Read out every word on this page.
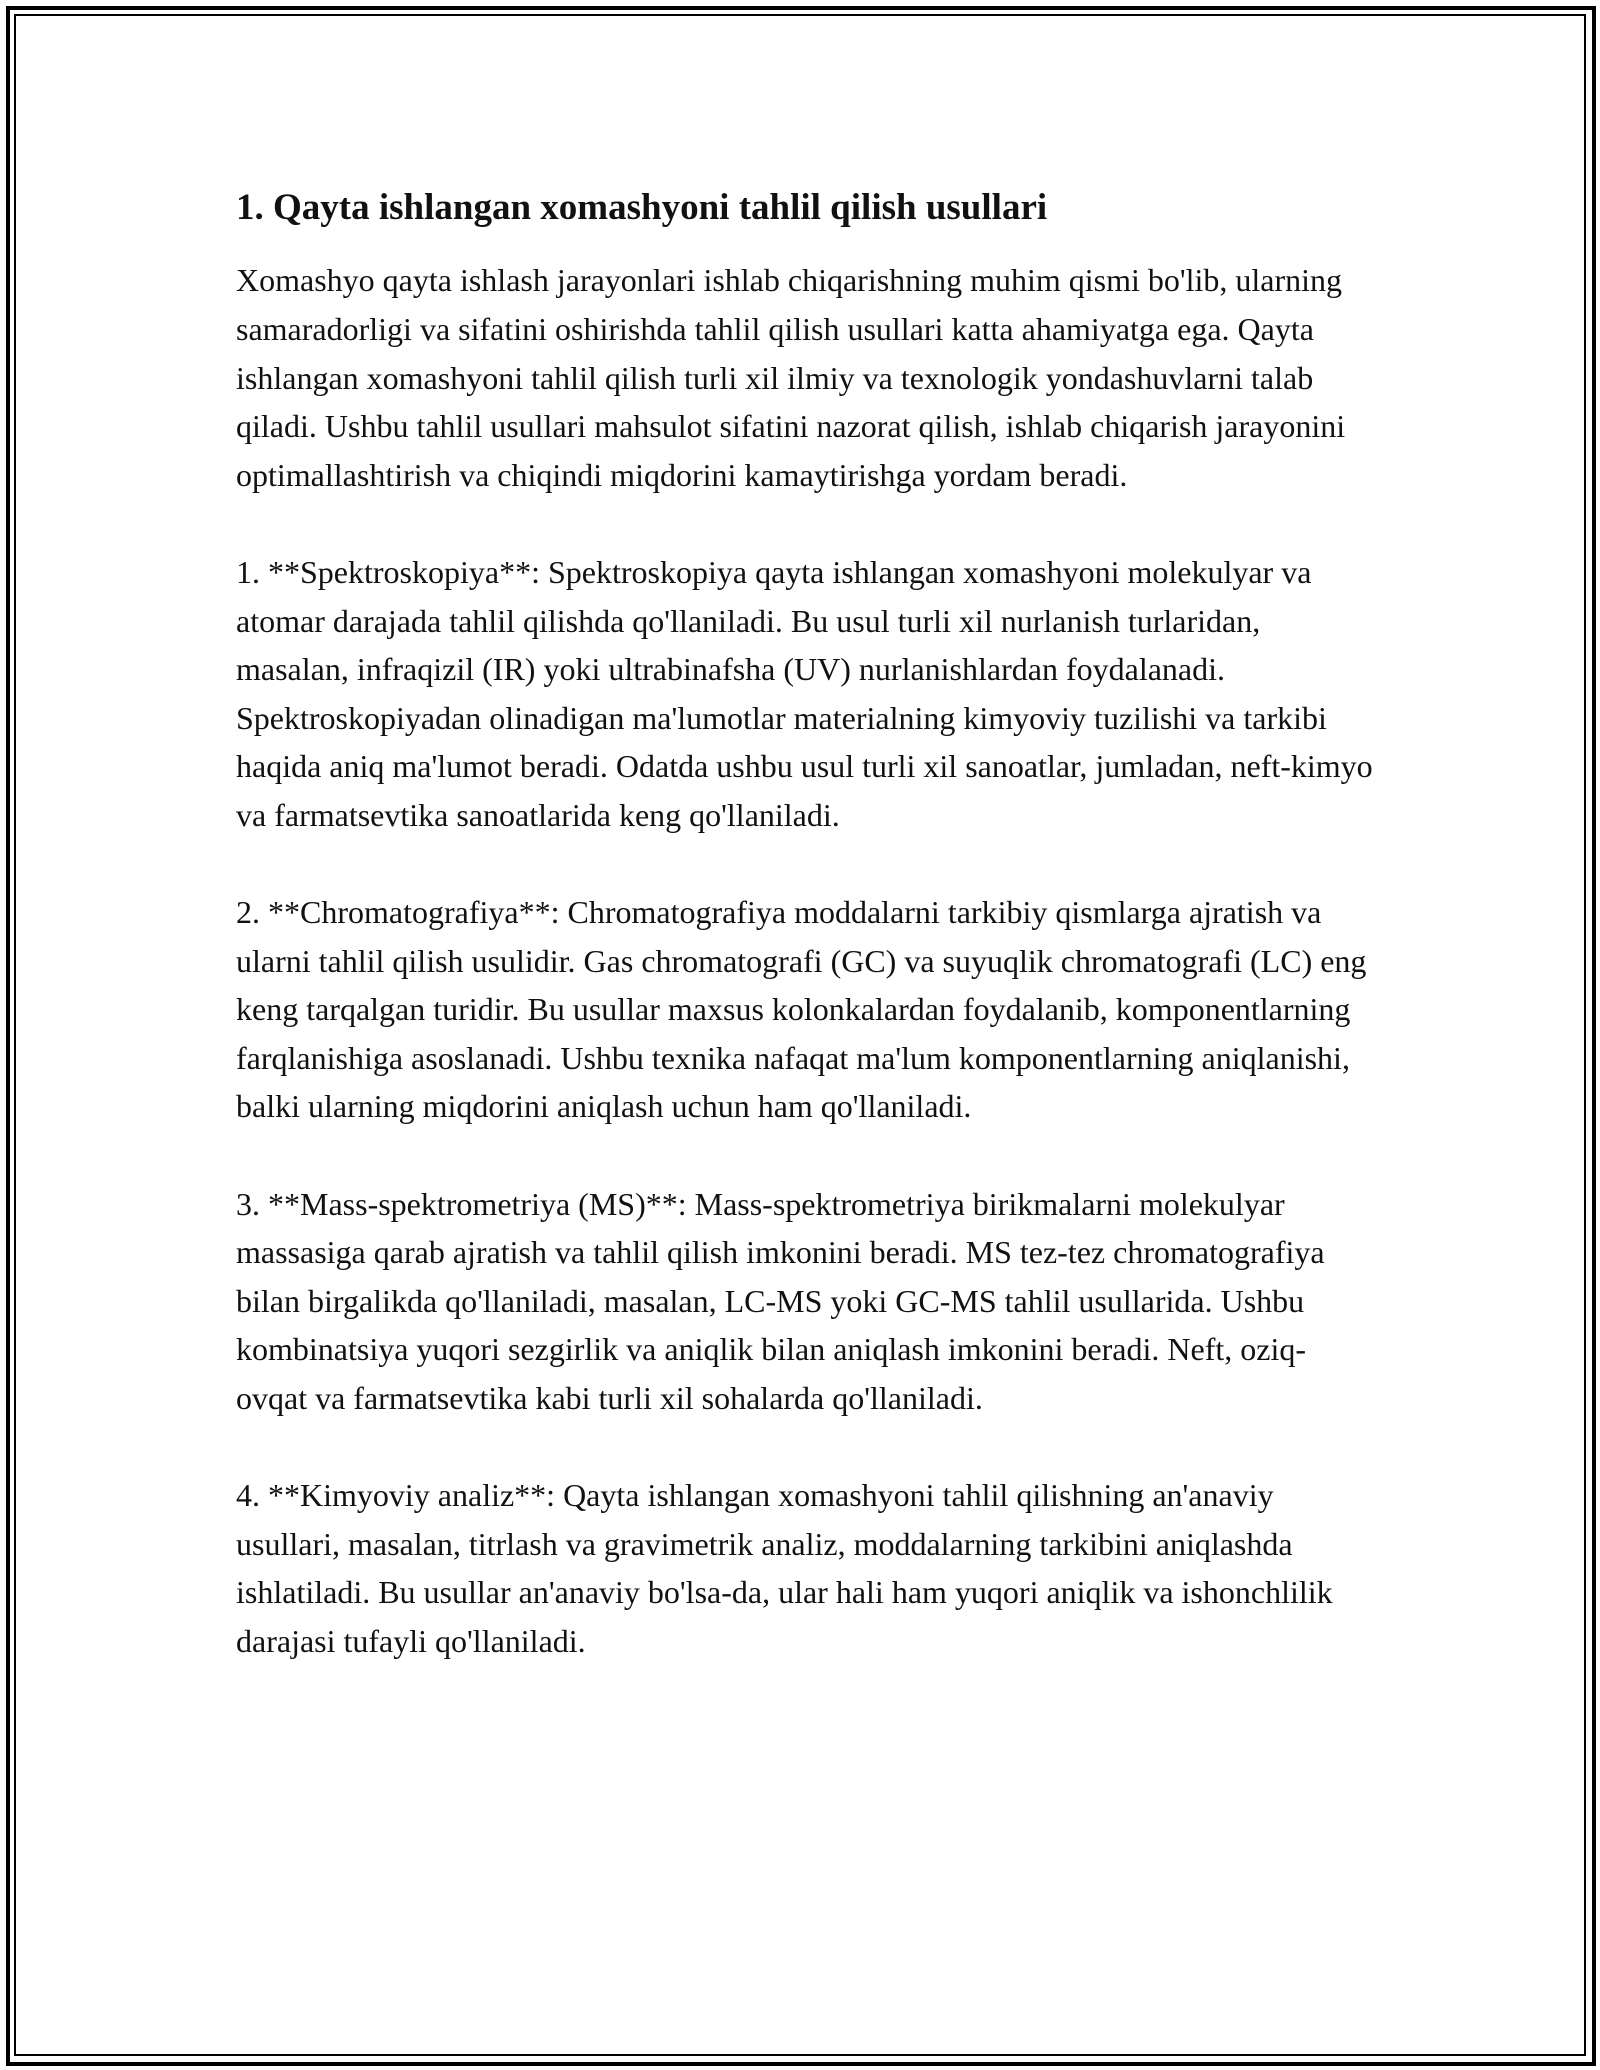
1. Qayta ishlangan xomashyoni tahlil qilish usullari

Xomashyo qayta ishlash jarayonlari ishlab chiqarishning muhim qismi bo'lib, ularning samaradorligi va sifatini oshirishda tahlil qilish usullari katta ahamiyatga ega. Qayta ishlangan xomashyoni tahlil qilish turli xil ilmiy va texnologik yondashuvlarni talab qiladi. Ushbu tahlil usullari mahsulot sifatini nazorat qilish, ishlab chiqarish jarayonini optimallashtirish va chiqindi miqdorini kamaytirishga yordam beradi.

1. **Spektroskopiya**: Spektroskopiya qayta ishlangan xomashyoni molekulyar va atomar darajada tahlil qilishda qo'llaniladi. Bu usul turli xil nurlanish turlaridan, masalan, infraqizil (IR) yoki ultrabinafsha (UV) nurlanishlardan foydalanadi. Spektroskopiyadan olinadigan ma'lumotlar materialning kimyoviy tuzilishi va tarkibi haqida aniq ma'lumot beradi. Odatda ushbu usul turli xil sanoatlar, jumladan, neft-kimyo va farmatsevtika sanoatlarida keng qo'llaniladi.

2. **Chromatografiya**: Chromatografiya moddalarni tarkibiy qismlarga ajratish va ularni tahlil qilish usulidir. Gas chromatografi (GC) va suyuqlik chromatografi (LC) eng keng tarqalgan turidir. Bu usullar maxsus kolonkalardan foydalanib, komponentlarning farqlanishiga asoslanadi. Ushbu texnika nafaqat ma'lum komponentlarning aniqlanishi, balki ularning miqdorini aniqlash uchun ham qo'llaniladi.

3. **Mass-spektrometriya (MS)**: Mass-spektrometriya birikmalarni molekulyar massasiga qarab ajratish va tahlil qilish imkonini beradi. MS tez-tez chromatografiya bilan birgalikda qo'llaniladi, masalan, LC-MS yoki GC-MS tahlil usullarida. Ushbu kombinatsiya yuqori sezgirlik va aniqlik bilan aniqlash imkonini beradi. Neft, oziq-ovqat va farmatsevtika kabi turli xil sohalarda qo'llaniladi.

4. **Kimyoviy analiz**: Qayta ishlangan xomashyoni tahlil qilishning an'anaviy usullari, masalan, titrlash va gravimetrik analiz, moddalarning tarkibini aniqlashda ishlatiladi. Bu usullar an'anaviy bo'lsa-da, ular hali ham yuqori aniqlik va ishonchlilik darajasi tufayli qo'llaniladi.
